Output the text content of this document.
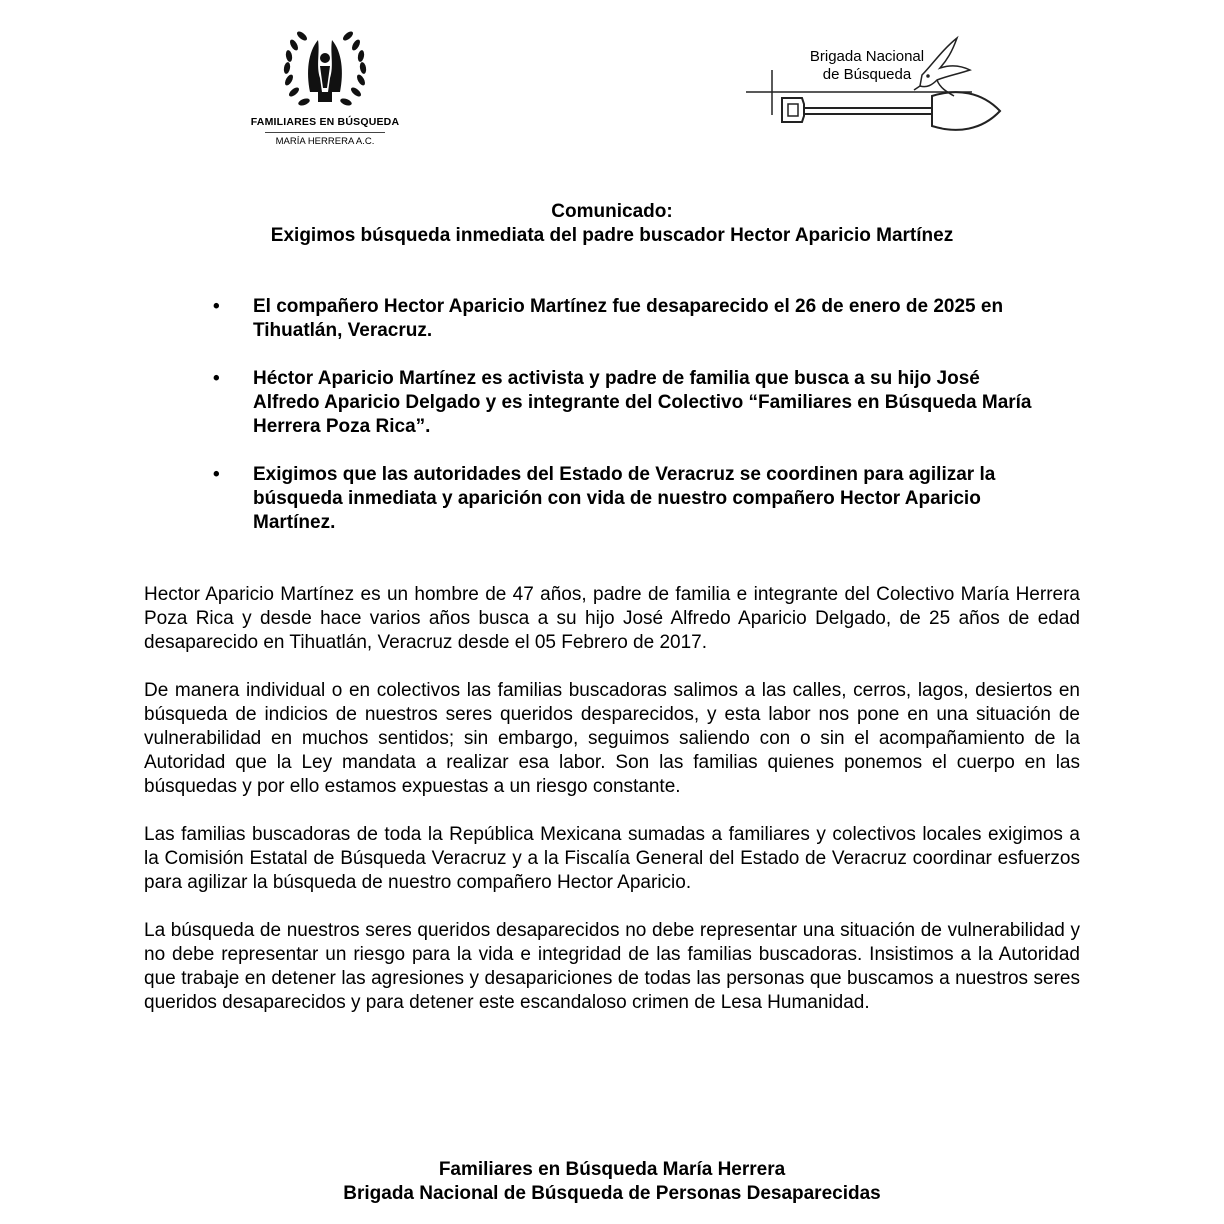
FAMILIARES EN BÚSQUEDA
MARÍA HERRERA A.C.
Brigada Nacional
de Búsqueda
Comunicado:
Exigimos búsqueda inmediata del padre buscador Hector Aparicio Martínez
• El compañero Hector Aparicio Martínez fue desaparecido el 26 de enero de 2025 en Tihuatlán, Veracruz.
• Héctor Aparicio Martínez es activista y padre de familia que busca a su hijo José Alfredo Aparicio Delgado y es integrante del Colectivo “Familiares en Búsqueda María Herrera Poza Rica”.
• Exigimos que las autoridades del Estado de Veracruz se coordinen para agilizar la búsqueda inmediata y aparición con vida de nuestro compañero Hector Aparicio Martínez.

Hector Aparicio Martínez es un hombre de 47 años, padre de familia e integrante del Colectivo María Herrera Poza Rica y desde hace varios años busca a su hijo José Alfredo Aparicio Delgado, de 25 años de edad desaparecido en Tihuatlán, Veracruz desde el 05 Febrero de 2017.

De manera individual o en colectivos las familias buscadoras salimos a las calles, cerros, lagos, desiertos en búsqueda de indicios de nuestros seres queridos desparecidos, y esta labor nos pone en una situación de vulnerabilidad en muchos sentidos; sin embargo, seguimos saliendo con o sin el acompañamiento de la Autoridad que la Ley mandata a realizar esa labor. Son las familias quienes ponemos el cuerpo en las búsquedas y por ello estamos expuestas a un riesgo constante.

Las familias buscadoras de toda la República Mexicana sumadas a familiares y colectivos locales exigimos a la Comisión Estatal de Búsqueda Veracruz y a la Fiscalía General del Estado de Veracruz coordinar esfuerzos para agilizar la búsqueda de nuestro compañero Hector Aparicio.

La búsqueda de nuestros seres queridos desaparecidos no debe representar una situación de vulnerabilidad y no debe representar un riesgo para la vida e integridad de las familias buscadoras. Insistimos a la Autoridad que trabaje en detener las agresiones y desapariciones de todas las personas que buscamos a nuestros seres queridos desaparecidos y para detener este escandaloso crimen de Lesa Humanidad.

Familiares en Búsqueda María Herrera
Brigada Nacional de Búsqueda de Personas Desaparecidas
